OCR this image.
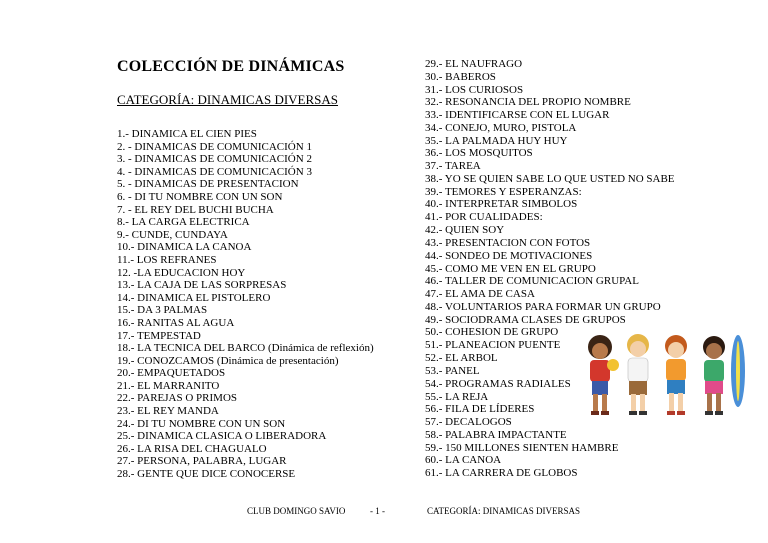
COLECCIÓN DE DINÁMICAS
CATEGORÍA: DINAMICAS DIVERSAS
1.- DINAMICA EL CIEN PIES
2. - DINAMICAS DE COMUNICACIÓN 1
3. - DINAMICAS DE COMUNICACIÓN 2
4. - DINAMICAS DE COMUNICACIÓN 3
5. - DINAMICAS DE PRESENTACION
6. - DI TU NOMBRE CON UN SON
7. - EL REY DEL BUCHI BUCHA
8.- LA CARGA ELECTRICA
9.- CUNDE, CUNDAYA
10.- DINAMICA LA CANOA
11.- LOS REFRANES
12. -LA EDUCACION HOY
13.- LA CAJA DE LAS SORPRESAS
14.- DINAMICA EL PISTOLERO
15.- DA 3 PALMAS
16.- RANITAS AL AGUA
17.- TEMPESTAD
18.- LA TECNICA DEL BARCO (Dinámica de reflexión)
19.- CONOZCAMOS (Dinámica de presentación)
20.- EMPAQUETADOS
21.- EL MARRANITO
22.- PAREJAS O PRIMOS
23.- EL REY MANDA
24.- DI TU NOMBRE CON UN SON
25.- DINAMICA CLASICA O LIBERADORA
26.- LA RISA DEL CHAGUALO
27.- PERSONA, PALABRA, LUGAR
28.- GENTE QUE DICE CONOCERSE
29.- EL NAUFRAGO
30.- BABEROS
31.- LOS CURIOSOS
32.- RESONANCIA DEL PROPIO NOMBRE
33.- IDENTIFICARSE CON EL LUGAR
34.- CONEJO, MURO, PISTOLA
35.- LA PALMADA HUY HUY
36.- LOS MOSQUITOS
37.- TAREA
38.- YO SE QUIEN SABE LO QUE USTED NO SABE
39.- TEMORES Y ESPERANZAS:
40.- INTERPRETAR SIMBOLOS
41.- POR CUALIDADES:
42.- QUIEN SOY
43.- PRESENTACION CON FOTOS
44.- SONDEO DE MOTIVACIONES
45.- COMO ME VEN EN EL GRUPO
46.- TALLER DE COMUNICACION GRUPAL
47.- EL AMA DE CASA
48.- VOLUNTARIOS PARA FORMAR UN GRUPO
49.- SOCIODRAMA CLASES DE GRUPOS
50.- COHESION DE GRUPO
51.- PLANEACION PUENTE
52.- EL ARBOL
53.- PANEL
54.- PROGRAMAS RADIALES
55.- LA REJA
56.- FILA DE LÍDERES
57.- DECALOGOS
58.- PALABRA IMPACTANTE
59.- 150 MILLONES SIENTEN HAMBRE
60.- LA CANOA
61.- LA CARRERA DE GLOBOS
CLUB DOMINGO SAVIO	- 1 -	CATEGORÍA: DINAMICAS DIVERSAS
